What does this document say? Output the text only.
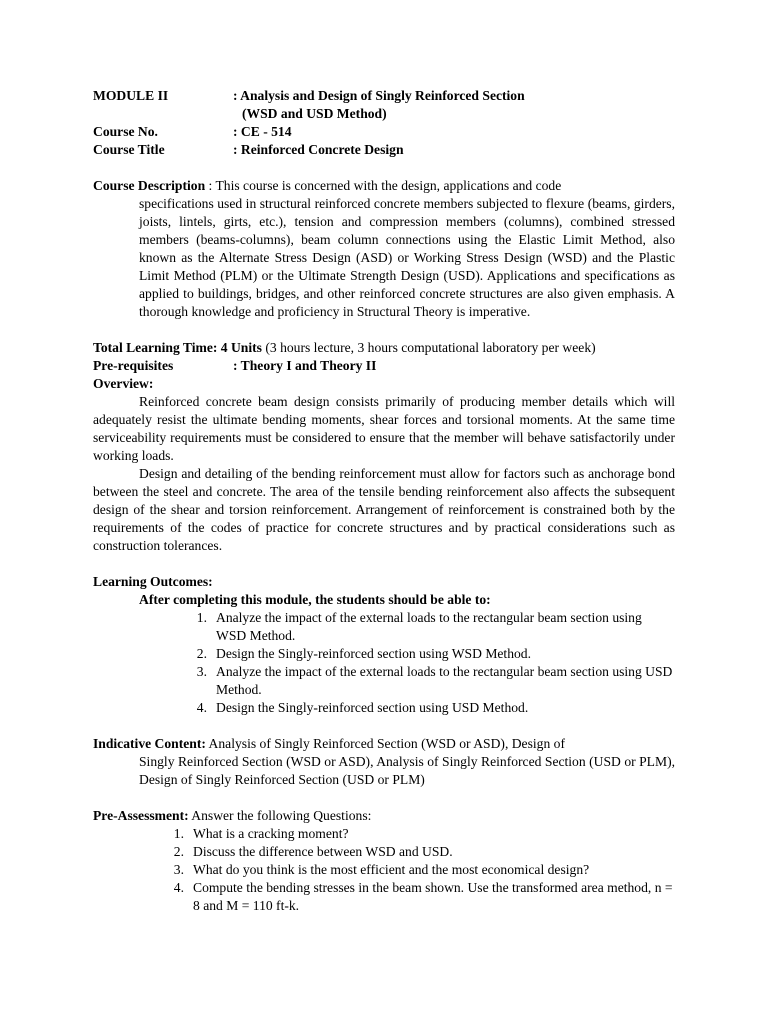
MODULE II	: Analysis and Design of Singly Reinforced Section
(WSD and USD Method)
Course No.	: CE - 514
Course Title	: Reinforced Concrete Design
Course Description : This course is concerned with the design, applications and code
specifications used in structural reinforced concrete members subjected to flexure (beams, girders, joists, lintels, girts, etc.), tension and compression members (columns), combined stressed members (beams-columns), beam column connections using the Elastic Limit Method, also known as the Alternate Stress Design (ASD) or Working Stress Design (WSD) and the Plastic Limit Method (PLM) or the Ultimate Strength Design (USD). Applications and specifications as applied to buildings, bridges, and other reinforced concrete structures are also given emphasis. A thorough knowledge and proficiency in Structural Theory is imperative.
Total Learning Time: 4 Units (3 hours lecture, 3 hours computational laboratory per week)
Pre-requisites	: Theory I and Theory II
Overview:
Reinforced concrete beam design consists primarily of producing member details which will adequately resist the ultimate bending moments, shear forces and torsional moments. At the same time serviceability requirements must be considered to ensure that the member will behave satisfactorily under working loads.
Design and detailing of the bending reinforcement must allow for factors such as anchorage bond between the steel and concrete. The area of the tensile bending reinforcement also affects the subsequent design of the shear and torsion reinforcement. Arrangement of reinforcement is constrained both by the requirements of the codes of practice for concrete structures and by practical considerations such as construction tolerances.
Learning Outcomes:
After completing this module, the students should be able to:
1. Analyze the impact of the external loads to the rectangular beam section using WSD Method.
2. Design the Singly-reinforced section using WSD Method.
3. Analyze the impact of the external loads to the rectangular beam section using USD Method.
4. Design the Singly-reinforced section using USD Method.
Indicative Content: Analysis of Singly Reinforced Section (WSD or ASD), Design of
Singly Reinforced Section (WSD or ASD), Analysis of Singly Reinforced Section (USD or PLM), Design of Singly Reinforced Section (USD or PLM)
Pre-Assessment: Answer the following Questions:
1. What is a cracking moment?
2. Discuss the difference between WSD and USD.
3. What do you think is the most efficient and the most economical design?
4. Compute the bending stresses in the beam shown. Use the transformed area method, n = 8 and M = 110 ft-k.
